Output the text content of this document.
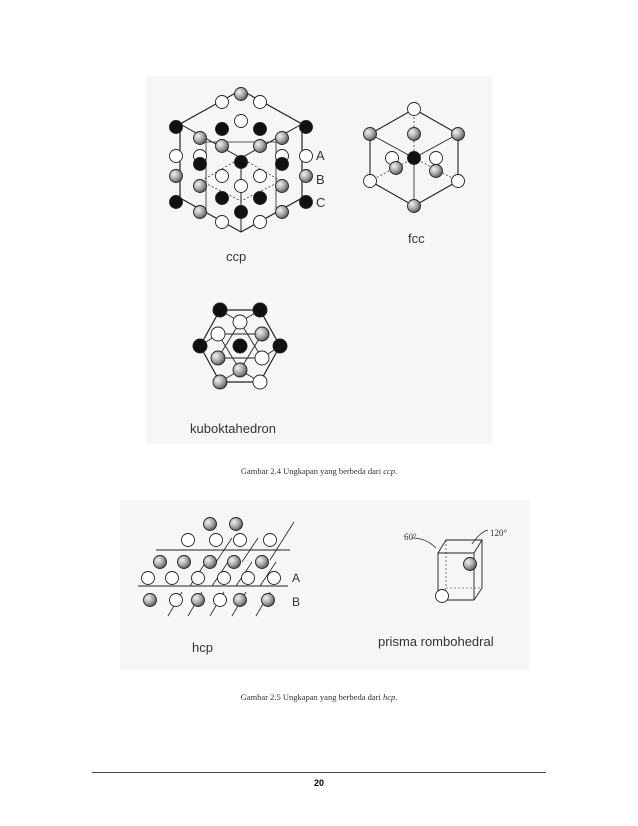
A
B
C
ccp
fcc
kuboktahedron
Gambar 2.4 Ungkapan yang berbeda dari ccp.
A
B
hcp
60°	120°
prisma rombohedral
Gambar 2.5 Ungkapan yang berbeda dari hcp.
20
